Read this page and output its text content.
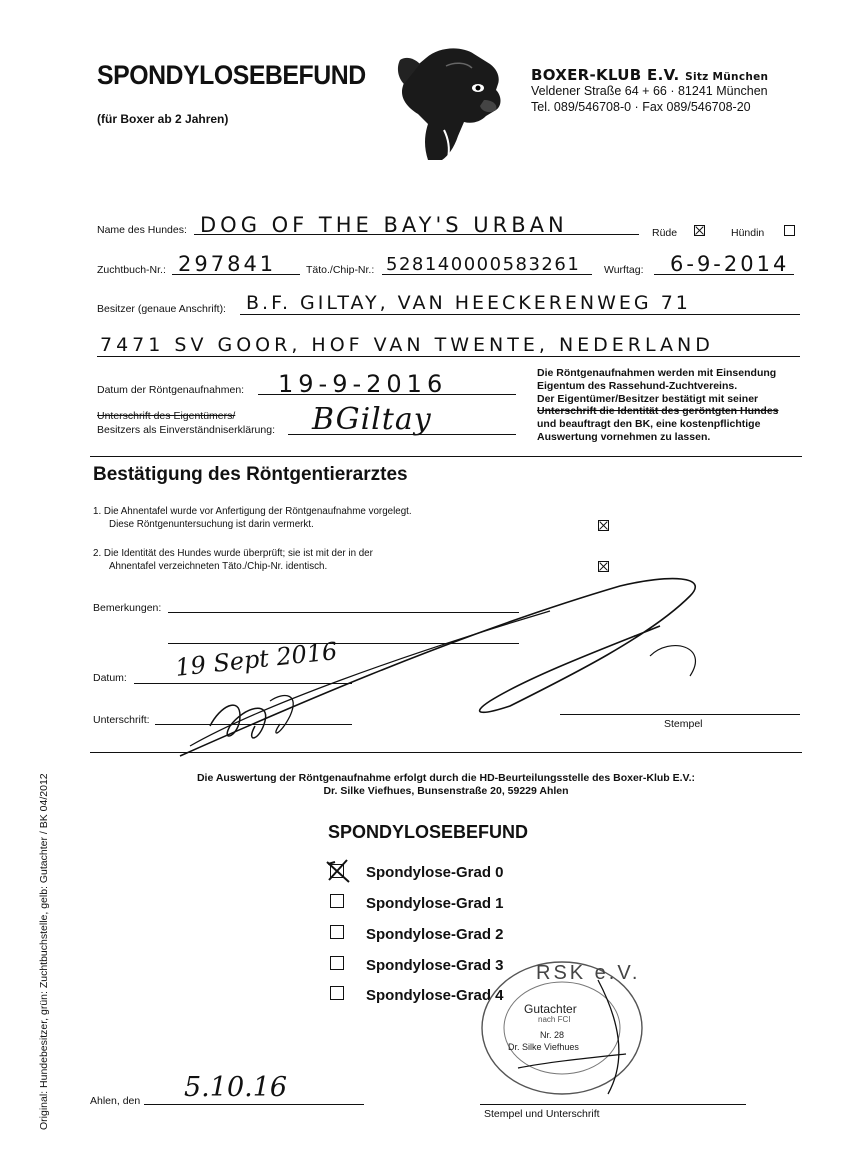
SPONDYLOSEBEFUND
(für Boxer ab 2 Jahren)
BOXER-KLUB E.V. Sitz München
Veldener Straße 64 + 66 · 81241 München
Tel. 089/546708-0 · Fax 089/546708-20
Name des Hundes: DOG OF THE BAY'S URBAN	Rüde	Hündin
Zuchtbuch-Nr.: 297841	Täto./Chip-Nr.: 528140000583261 Wurftag: 6-9-2014
Besitzer (genaue Anschrift): B.F. GILTAY, VAN HEECKERENWEG 71
7471 SV GOOR, HOF VAN TWENTE, NEDERLAND
Datum der Röntgenaufnahmen: 19-9-2016
Unterschrift des Eigentümers/
Besitzers als Einverständniserklärung: BGiltay
Die Röntgenaufnahmen werden mit Einsendung
Eigentum des Rassehund-Zuchtvereins.
Der Eigentümer/Besitzer bestätigt mit seiner
Unterschrift die Identität des geröntgten Hundes
und beauftragt den BK, eine kostenpflichtige
Auswertung vornehmen zu lassen.
Bestätigung des Röntgentierarztes
1. Die Ahnentafel wurde vor Anfertigung der Röntgenaufnahme vorgelegt.
Diese Röntgenuntersuchung ist darin vermerkt.
2. Die Identität des Hundes wurde überprüft; sie ist mit der in der
Ahnentafel verzeichneten Täto./Chip-Nr. identisch.
Bemerkungen:
Datum: 19 Sept 2016
Unterschrift:	Stempel
Die Auswertung der Röntgenaufnahme erfolgt durch die HD-Beurteilungsstelle des Boxer-Klub E.V.:
Dr. Silke Viefhues, Bunsenstraße 20, 59229 Ahlen
SPONDYLOSEBEFUND
Spondylose-Grad 0
Spondylose-Grad 1
Spondylose-Grad 2
Spondylose-Grad 3
Spondylose-Grad 4
RSK e.V.
Gutachter
nach FCI
Nr. 28
Dr. Silke Viefhues
Ahlen, den 5.10.16
Stempel und Unterschrift
Original: Hundebesitzer, grün: Zuchtbuchstelle, gelb: Gutachter / BK 04/2012
